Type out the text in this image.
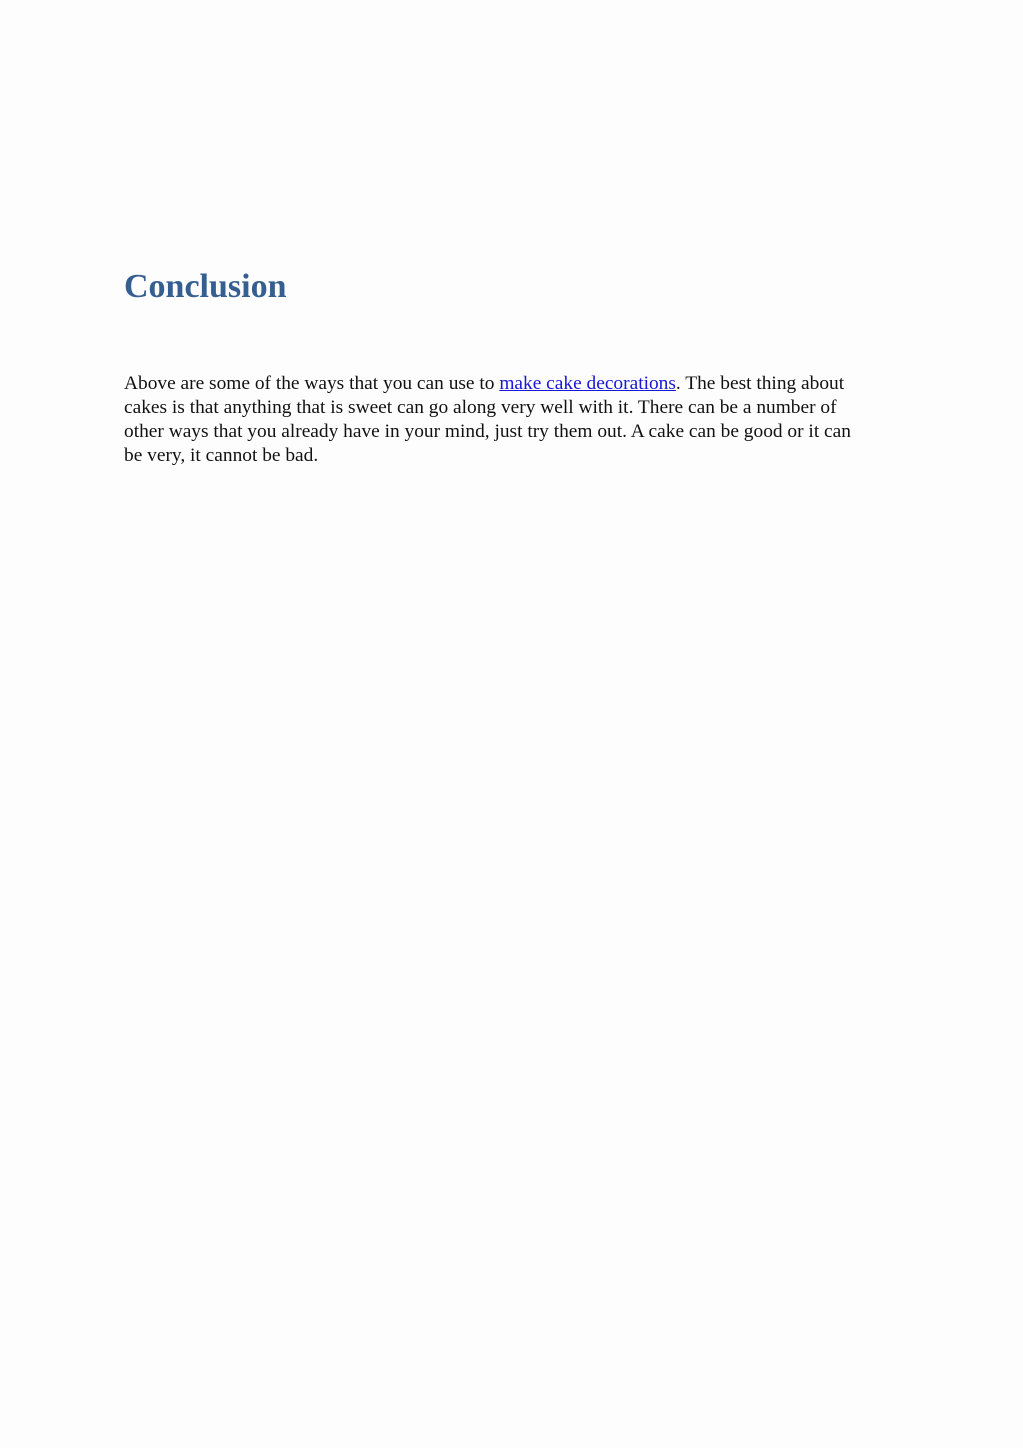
Conclusion

Above are some of the ways that you can use to make cake decorations. The best thing about
cakes is that anything that is sweet can go along very well with it. There can be a number of
other ways that you already have in your mind, just try them out. A cake can be good or it can
be very, it cannot be bad.
